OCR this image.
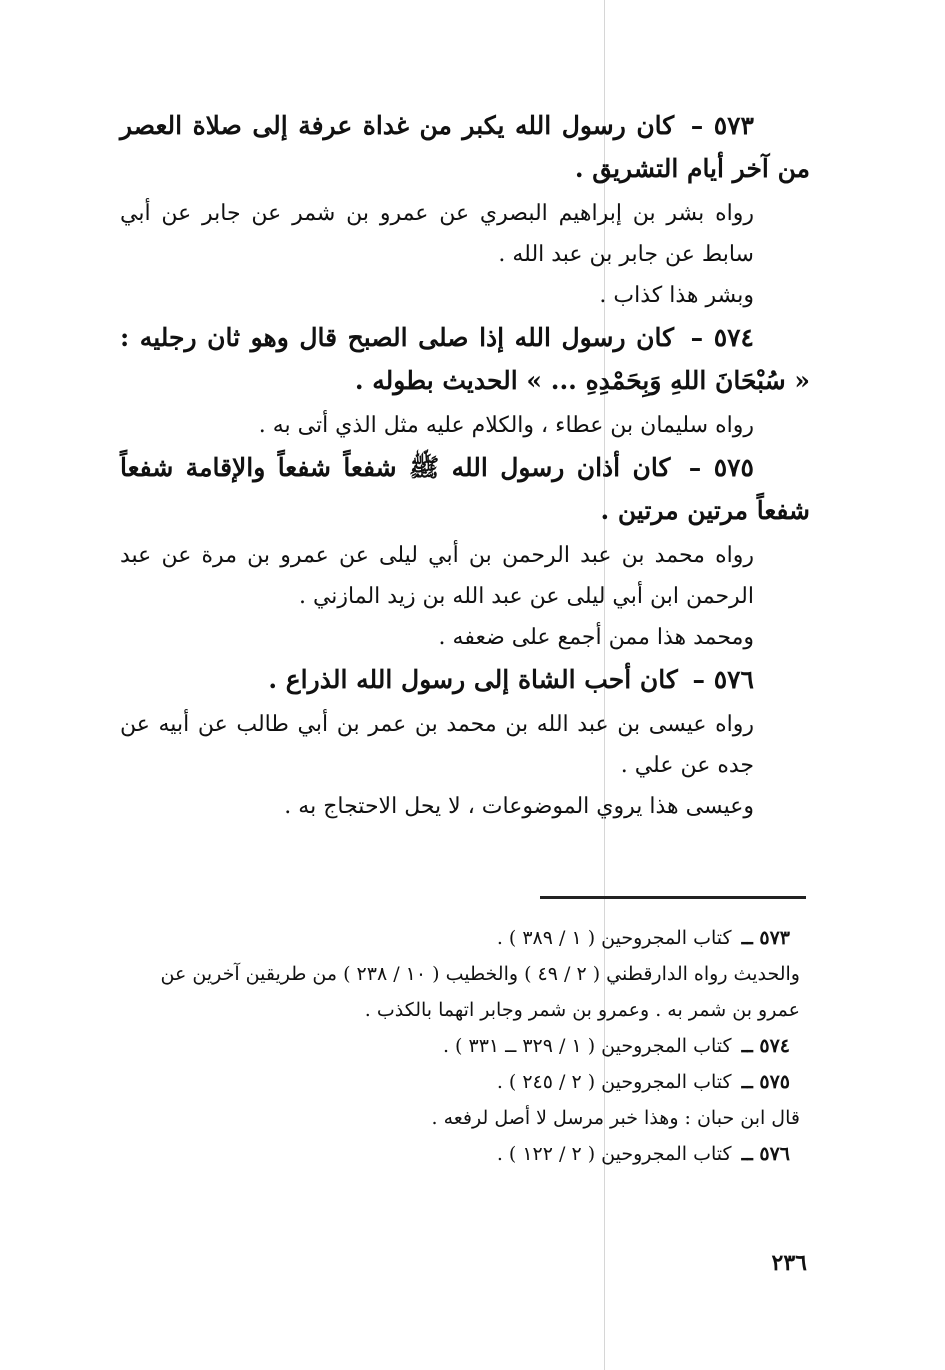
٥٧٣ – كان رسول الله يكبر من غداة عرفة إلى صلاة العصر من آخر أيام التشريق .

رواه بشر بن إبراهيم البصري عن عمرو بن شمر عن جابر عن أبي سابط عن جابر بن عبد الله .

وبشر هذا كذاب .

٥٧٤ – كان رسول الله إذا صلى الصبح قال وهو ثان رجليه : « سُبْحَانَ اللهِ وَبِحَمْدِهِ ... » الحديث بطوله .

رواه سليمان بن عطاء ، والكلام عليه مثل الذي أتى به .

٥٧٥ – كان أذان رسول الله ﷺ شفعاً شفعاً والإقامة شفعاً شفعاً مرتين مرتين .

رواه محمد بن عبد الرحمن بن أبي ليلى عن عمرو بن مرة عن عبد الرحمن ابن أبي ليلى عن عبد الله بن زيد المازني .

ومحمد هذا ممن أجمع على ضعفه .

٥٧٦ – كان أحب الشاة إلى رسول الله الذراع .

رواه عيسى بن عبد الله بن محمد بن عمر بن أبي طالب عن أبيه عن جده عن علي .

وعيسى هذا يروي الموضوعات ، لا يحل الاحتجاج به .

٥٧٣ ــ كتاب المجروحين ( ١ / ٣٨٩ ) .

والحديث رواه الدارقطني ( ٢ / ٤٩ ) والخطيب ( ١٠ / ٢٣٨ ) من طريقين آخرين عن عمرو بن شمر به . وعمرو بن شمر وجابر اتهما بالكذب .

٥٧٤ ــ كتاب المجروحين ( ١ / ٣٢٩ ــ ٣٣١ ) .

٥٧٥ ــ كتاب المجروحين ( ٢ / ٢٤٥ ) .

قال ابن حبان : وهذا خبر مرسل لا أصل لرفعه .

٥٧٦ ــ كتاب المجروحين ( ٢ / ١٢٢ ) .

٢٣٦
